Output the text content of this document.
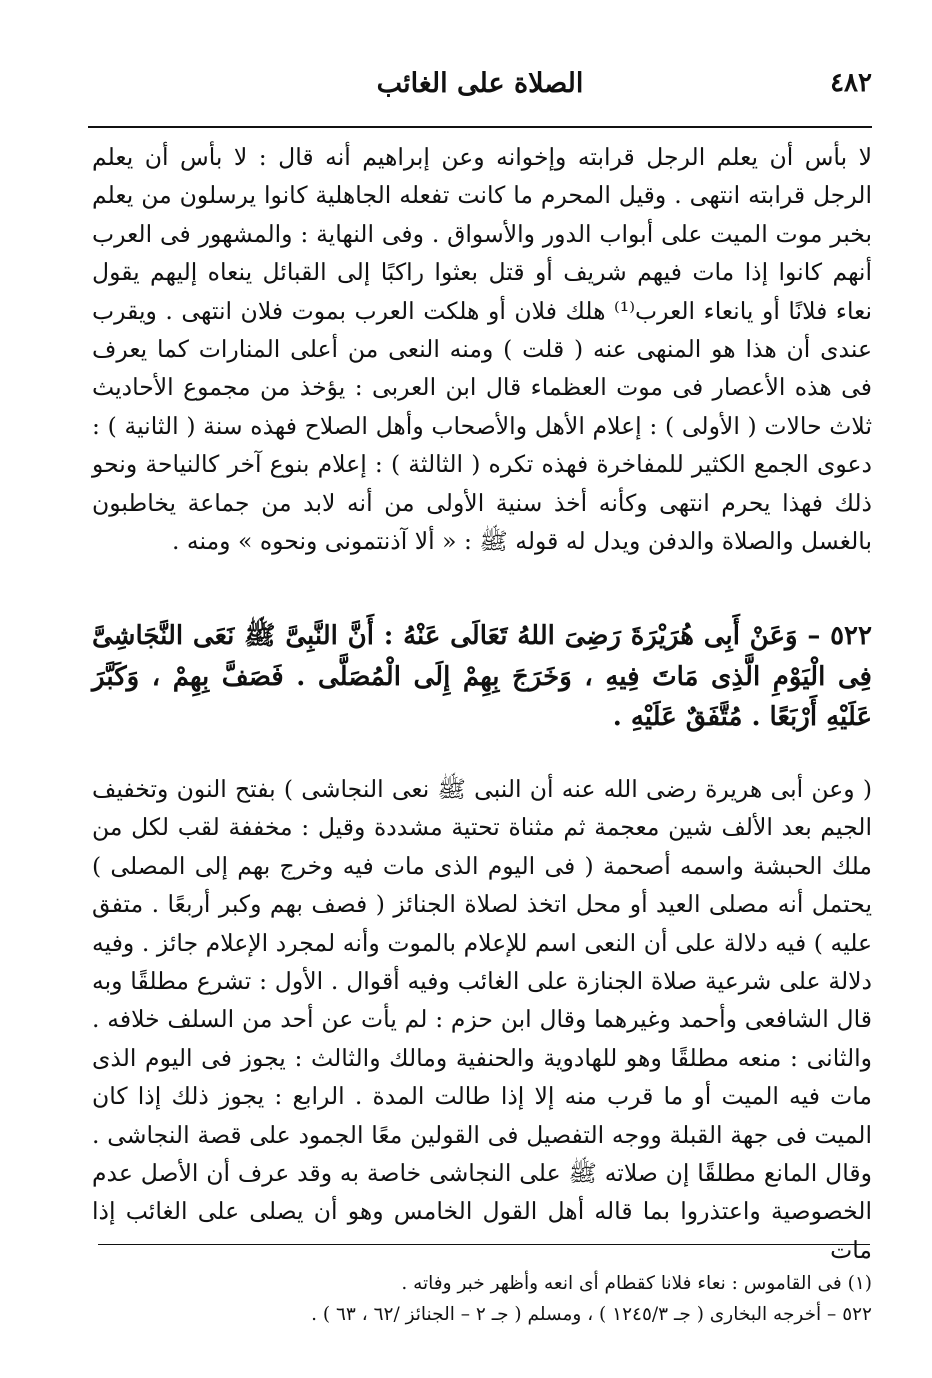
٤٨٢
الصلاة على الغائب

لا بأس أن يعلم الرجل قرابته وإخوانه وعن إبراهيم أنه قال : لا بأس أن يعلم الرجل قرابته انتهى . وقيل المحرم ما كانت تفعله الجاهلية كانوا يرسلون من يعلم بخبر موت الميت على أبواب الدور والأسواق . وفى النهاية : والمشهور فى العرب أنهم كانوا إذا مات فيهم شريف أو قتل بعثوا راكبًا إلى القبائل ينعاه إليهم يقول نعاء فلانًا أو يانعاء العرب⁽¹⁾ هلك فلان أو هلكت العرب بموت فلان انتهى . ويقرب عندى أن هذا هو المنهى عنه ( قلت ) ومنه النعى من أعلى المنارات كما يعرف فى هذه الأعصار فى موت العظماء قال ابن العربى : يؤخذ من مجموع الأحاديث ثلاث حالات ( الأولى ) : إعلام الأهل والأصحاب وأهل الصلاح فهذه سنة ( الثانية ) : دعوى الجمع الكثير للمفاخرة فهذه تكره ( الثالثة ) : إعلام بنوع آخر كالنياحة ونحو ذلك فهذا يحرم انتهى وكأنه أخذ سنية الأولى من أنه لابد من جماعة يخاطبون بالغسل والصلاة والدفن ويدل له قوله ﷺ : « ألا آذنتمونى ونحوه » ومنه .

٥٢٢ – وَعَنْ أَبِى هُرَيْرَةَ رَضِىَ اللهُ تَعَالَى عَنْهُ : أَنَّ النَّبِىَّ ﷺ نَعَى النَّجَاشِىَّ فِى الْيَوْمِ الَّذِى مَاتَ فِيهِ ، وَخَرَجَ بِهِمْ إِلَى الْمُصَلَّى . فَصَفَّ بِهِمْ ، وَكَبَّرَ عَلَيْهِ أَرْبَعًا . مُتَّفَقٌ عَلَيْهِ .

( وعن أبى هريرة رضى الله عنه أن النبى ﷺ نعى النجاشى ) بفتح النون وتخفيف الجيم بعد الألف شين معجمة ثم مثناة تحتية مشددة وقيل : مخففة لقب لكل من ملك الحبشة واسمه أصحمة ( فى اليوم الذى مات فيه وخرج بهم إلى المصلى ) يحتمل أنه مصلى العيد أو محل اتخذ لصلاة الجنائز ( فصف بهم وكبر أربعًا . متفق عليه ) فيه دلالة على أن النعى اسم للإعلام بالموت وأنه لمجرد الإعلام جائز . وفيه دلالة على شرعية صلاة الجنازة على الغائب وفيه أقوال . الأول : تشرع مطلقًا وبه قال الشافعى وأحمد وغيرهما وقال ابن حزم : لم يأت عن أحد من السلف خلافه . والثانى : منعه مطلقًا وهو للهادوية والحنفية ومالك والثالث : يجوز فى اليوم الذى مات فيه الميت أو ما قرب منه إلا إذا طالت المدة . الرابع : يجوز ذلك إذا كان الميت فى جهة القبلة ووجه التفصيل فى القولين معًا الجمود على قصة النجاشى . وقال المانع مطلقًا إن صلاته ﷺ على النجاشى خاصة به وقد عرف أن الأصل عدم الخصوصية واعتذروا بما قاله أهل القول الخامس وهو أن يصلى على الغائب إذا مات

(١) فى القاموس : نعاء فلانا كقطام أى انعه وأظهر خبر وفاته .

٥٢٢ – أخرجه البخارى ( جـ ١٢٤٥/٣ ) ، ومسلم ( جـ ٢ – الجنائز /٦٢ ، ٦٣ ) .
